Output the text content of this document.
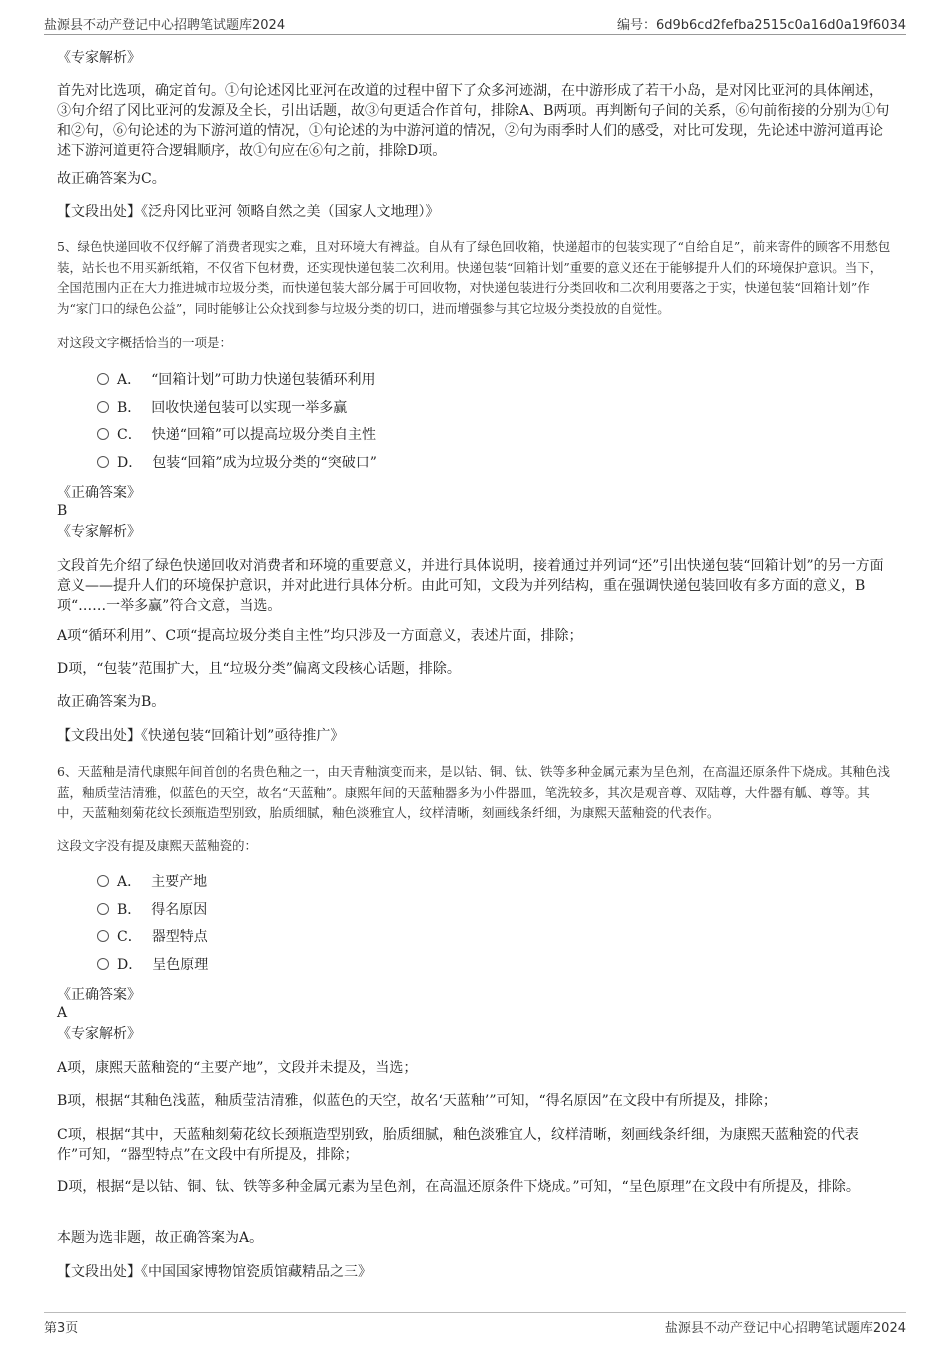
盐源县不动产登记中心招聘笔试题库2024	编号：6d9b6cd2fefba2515c0a16d0a19f6034

《专家解析》

首先对比选项，确定首句。①句论述冈比亚河在改道的过程中留下了众多河迹湖，在中游形成了若干小岛，是对冈比亚河的具体阐述，③句介绍了冈比亚河的发源及全长，引出话题，故③句更适合作首句，排除A、B两项。再判断句子间的关系，⑥句前衔接的分别为①句和②句，⑥句论述的为下游河道的情况，①句论述的为中游河道的情况，②句为雨季时人们的感受，对比可发现，先论述中游河道再论述下游河道更符合逻辑顺序，故①句应在⑥句之前，排除D项。

故正确答案为C。

【文段出处】《泛舟冈比亚河 领略自然之美（国家人文地理）》

5、绿色快递回收不仅纾解了消费者现实之难，且对环境大有裨益。自从有了绿色回收箱，快递超市的包装实现了“自给自足”，前来寄件的顾客不用愁包装，站长也不用买新纸箱，不仅省下包材费，还实现快递包装二次利用。快递包装“回箱计划”重要的意义还在于能够提升人们的环境保护意识。当下，全国范围内正在大力推进城市垃圾分类，而快递包装大部分属于可回收物，对快递包装进行分类回收和二次利用要落之于实，快递包装“回箱计划”作为“家门口的绿色公益”，同时能够让公众找到参与垃圾分类的切口，进而增强参与其它垃圾分类投放的自觉性。

对这段文字概括恰当的一项是：

A． “回箱计划”可助力快递包装循环利用
B． 回收快递包装可以实现一举多赢
C． 快递“回箱”可以提高垃圾分类自主性
D． 包装“回箱”成为垃圾分类的“突破口”

《正确答案》

B

《专家解析》

文段首先介绍了绿色快递回收对消费者和环境的重要意义，并进行具体说明，接着通过并列词“还”引出快递包装“回箱计划”的另一方面意义——提升人们的环境保护意识，并对此进行具体分析。由此可知，文段为并列结构，重在强调快递包装回收有多方面的意义，B项“……一举多赢”符合文意，当选。

A项“循环利用”、C项“提高垃圾分类自主性”均只涉及一方面意义，表述片面，排除；

D项，“包装”范围扩大，且“垃圾分类”偏离文段核心话题，排除。

故正确答案为B。

【文段出处】《快递包装“回箱计划”亟待推广》

6、天蓝釉是清代康熙年间首创的名贵色釉之一，由天青釉演变而来，是以钴、铜、钛、铁等多种金属元素为呈色剂，在高温还原条件下烧成。其釉色浅蓝，釉质莹洁清雅，似蓝色的天空，故名“天蓝釉”。康熙年间的天蓝釉器多为小件器皿，笔洗较多，其次是观音尊、双陆尊，大件器有觚、尊等。其中，天蓝釉刻菊花纹长颈瓶造型别致，胎质细腻，釉色淡雅宜人，纹样清晰，刻画线条纤细，为康熙天蓝釉瓷的代表作。

这段文字没有提及康熙天蓝釉瓷的：

A． 主要产地
B． 得名原因
C． 器型特点
D． 呈色原理

《正确答案》

A

《专家解析》

A项，康熙天蓝釉瓷的“主要产地”，文段并未提及，当选；

B项，根据“其釉色浅蓝，釉质莹洁清雅，似蓝色的天空，故名‘天蓝釉’”可知，“得名原因”在文段中有所提及，排除；

C项，根据“其中，天蓝釉刻菊花纹长颈瓶造型别致，胎质细腻，釉色淡雅宜人，纹样清晰，刻画线条纤细，为康熙天蓝釉瓷的代表作”可知，“器型特点”在文段中有所提及，排除；

D项，根据“是以钴、铜、钛、铁等多种金属元素为呈色剂，在高温还原条件下烧成。”可知，“呈色原理”在文段中有所提及，排除。

本题为选非题，故正确答案为A。

【文段出处】《中国国家博物馆瓷质馆藏精品之三》

第3页	盐源县不动产登记中心招聘笔试题库2024
